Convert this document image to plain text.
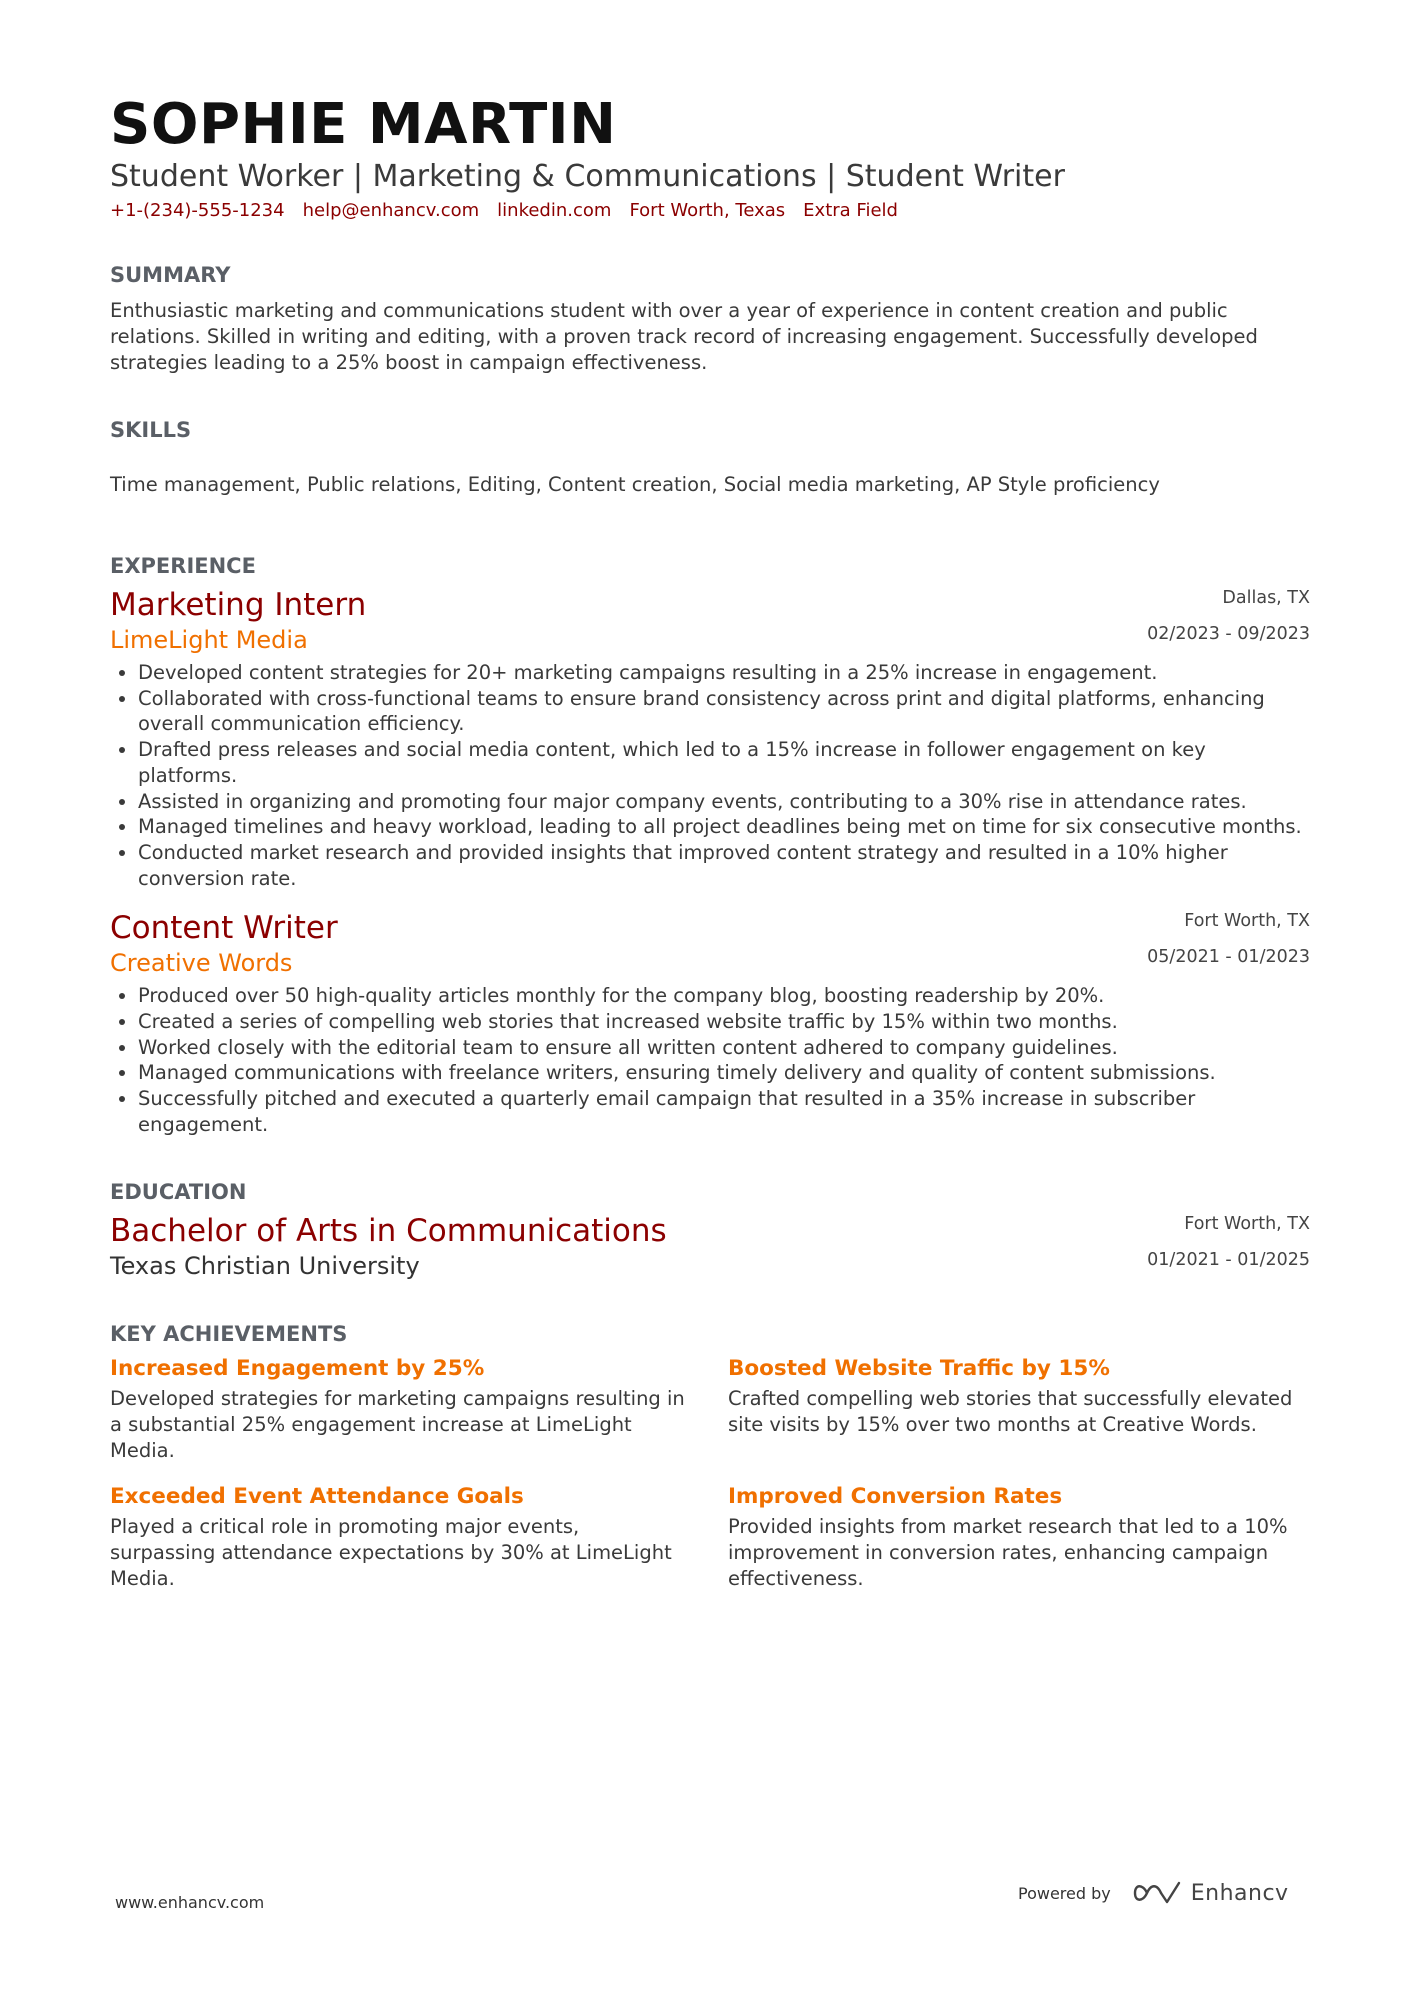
SOPHIE MARTIN
Student Worker | Marketing & Communications | Student Writer
+1-(234)-555-1234 help@enhancv.com linkedin.com Fort Worth, Texas Extra Field
SUMMARY
Enthusiastic marketing and communications student with over a year of experience in content creation and public relations. Skilled in writing and editing, with a proven track record of increasing engagement. Successfully developed strategies leading to a 25% boost in campaign effectiveness.
SKILLS
Time management, Public relations, Editing, Content creation, Social media marketing, AP Style proficiency
EXPERIENCE
Dallas, TX
02/2023 - 09/2023
Marketing Intern
LimeLight Media
• Developed content strategies for 20+ marketing campaigns resulting in a 25% increase in engagement.
• Collaborated with cross-functional teams to ensure brand consistency across print and digital platforms, enhancing overall communication efficiency.
• Drafted press releases and social media content, which led to a 15% increase in follower engagement on key platforms.
• Assisted in organizing and promoting four major company events, contributing to a 30% rise in attendance rates.
• Managed timelines and heavy workload, leading to all project deadlines being met on time for six consecutive months.
• Conducted market research and provided insights that improved content strategy and resulted in a 10% higher conversion rate.
Fort Worth, TX
05/2021 - 01/2023
Content Writer
Creative Words
• Produced over 50 high-quality articles monthly for the company blog, boosting readership by 20%.
• Created a series of compelling web stories that increased website traffic by 15% within two months.
• Worked closely with the editorial team to ensure all written content adhered to company guidelines.
• Managed communications with freelance writers, ensuring timely delivery and quality of content submissions.
• Successfully pitched and executed a quarterly email campaign that resulted in a 35% increase in subscriber engagement.
EDUCATION
Fort Worth, TX
01/2021 - 01/2025
Bachelor of Arts in Communications
Texas Christian University
KEY ACHIEVEMENTS
Increased Engagement by 25%
Developed strategies for marketing campaigns resulting in a substantial 25% engagement increase at LimeLight Media.
Boosted Website Traffic by 15%
Crafted compelling web stories that successfully elevated site visits by 15% over two months at Creative Words.
Exceeded Event Attendance Goals
Played a critical role in promoting major events, surpassing attendance expectations by 30% at LimeLight Media.
Improved Conversion Rates
Provided insights from market research that led to a 10% improvement in conversion rates, enhancing campaign effectiveness.
www.enhancv.com	Powered by	Enhancv
